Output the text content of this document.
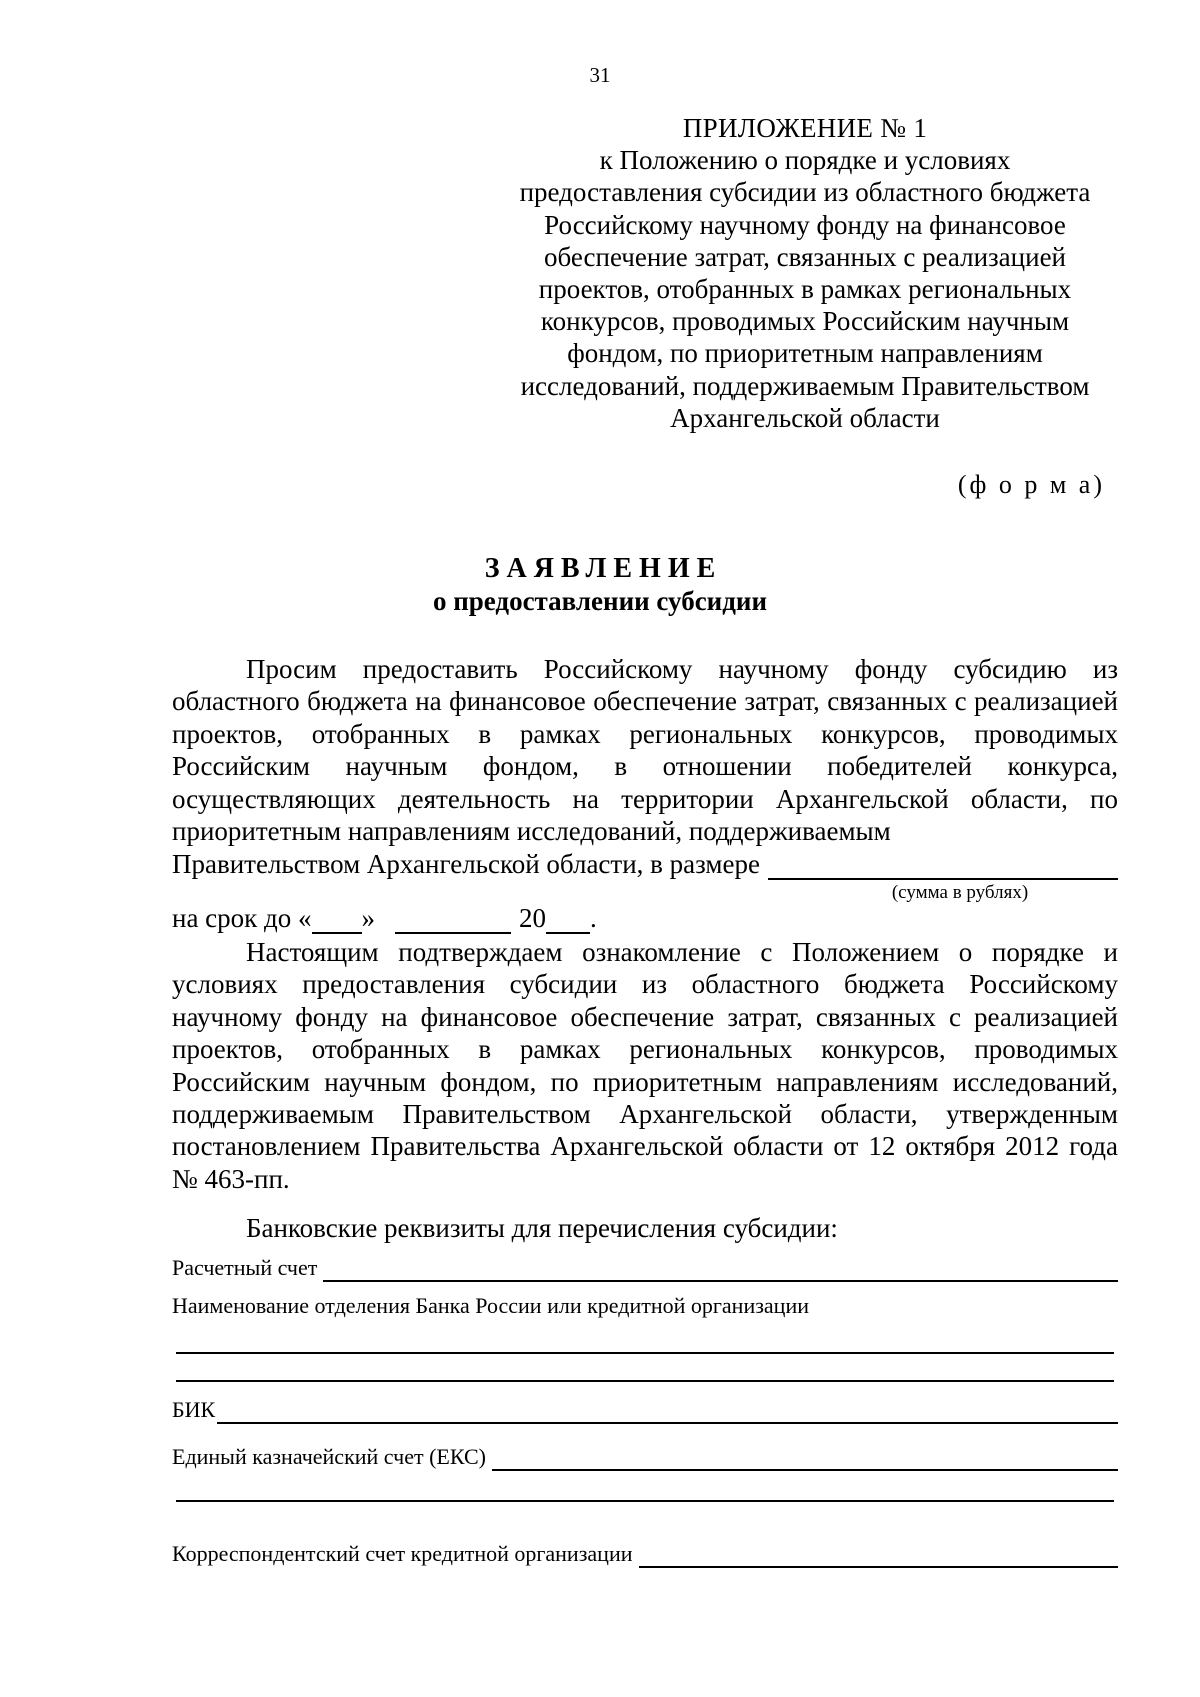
31
ПРИЛОЖЕНИЕ № 1
к Положению о порядке и условиях
предоставления субсидии из областного бюджета
Российскому научному фонду на финансовое
обеспечение затрат, связанных с реализацией
проектов, отобранных в рамках региональных
конкурсов, проводимых Российским научным
фондом, по приоритетным направлениям
исследований, поддерживаемым Правительством
Архангельской области
(ф о р м а)
ЗАЯВЛЕНИЕ
о предоставлении субсидии

Просим предоставить Российскому научному фонду субсидию из областного бюджета на финансовое обеспечение затрат, связанных с реализацией проектов, отобранных в рамках региональных конкурсов, проводимых Российским научным фондом, в отношении победителей конкурса, осуществляющих деятельность на территории Архангельской области, по приоритетным направлениям исследований, поддерживаемым

Правительством Архангельской области, в размере
(сумма в рублях)
на срок до « »	20 .

Настоящим подтверждаем ознакомление с Положением о порядке и условиях предоставления субсидии из областного бюджета Российскому научному фонду на финансовое обеспечение затрат, связанных с реализацией проектов, отобранных в рамках региональных конкурсов, проводимых Российским научным фондом, по приоритетным направлениям исследований, поддерживаемым Правительством Архангельской области, утвержденным постановлением Правительства Архангельской области от 12 октября 2012 года № 463-пп.

Банковские реквизиты для перечисления субсидии:
Расчетный счет
Наименование отделения Банка России или кредитной организации
БИК
Единый казначейский счет (ЕКС)
Корреспондентский счет кредитной организации
